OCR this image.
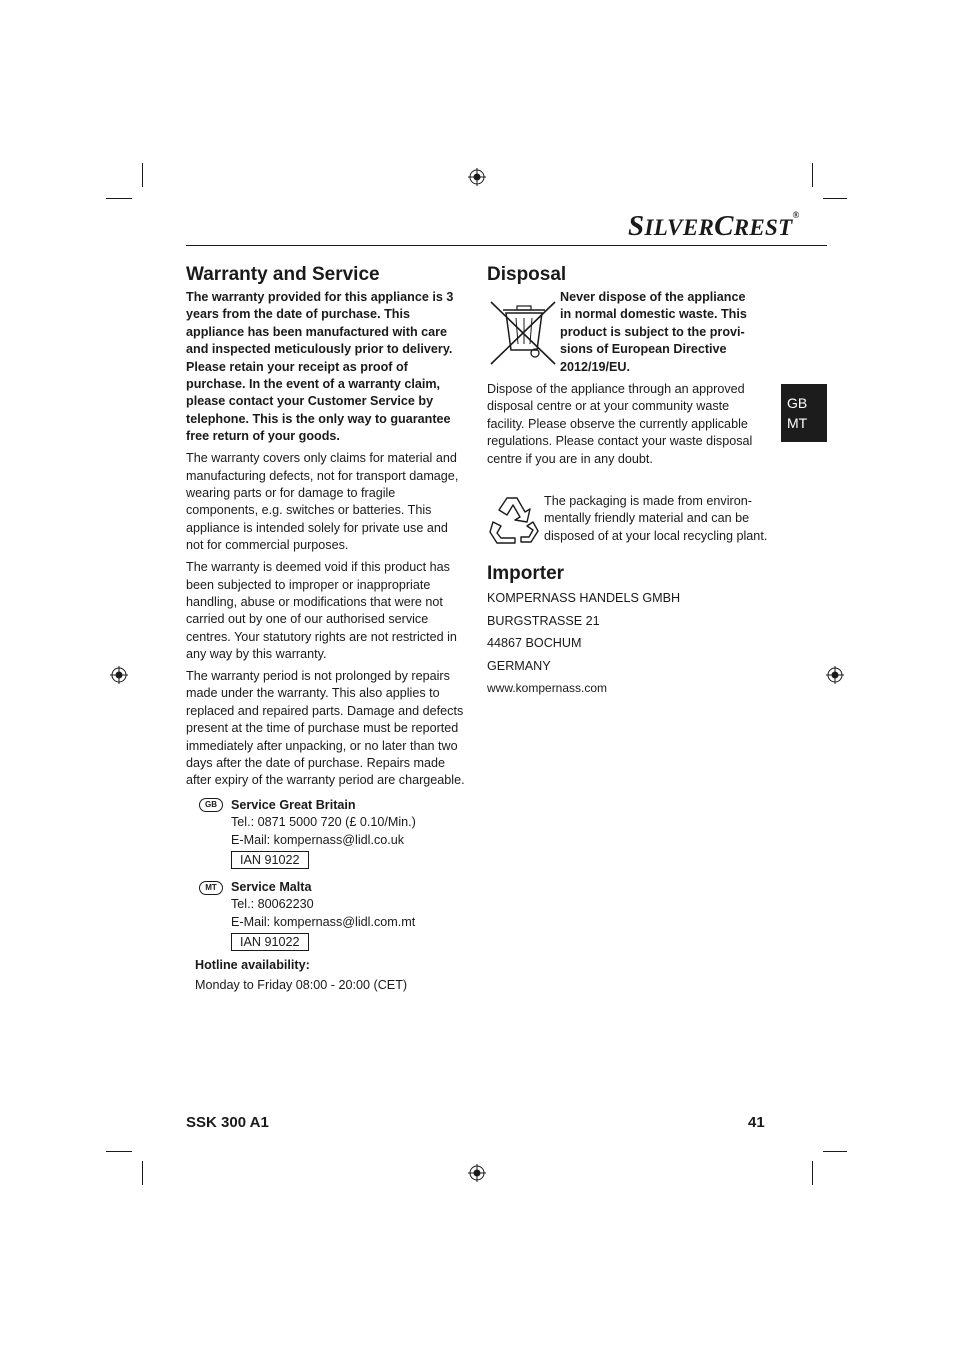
SILVERCREST®
Warranty and Service

The warranty provided for this appliance is 3 years from the date of purchase. This appliance has been manufactured with care and inspected meticulously prior to delivery. Please retain your receipt as proof of purchase. In the event of a warranty claim, please contact your Customer Service by telephone. This is the only way to guarantee free return of your goods.

The warranty covers only claims for material and manufacturing defects, not for transport damage, wearing parts or for damage to fragile components, e.g. switches or batteries. This appliance is intended solely for private use and not for commercial purposes.

The warranty is deemed void if this product has been subjected to improper or inappropriate handling, abuse or modifications that were not carried out by one of our authorised service centres. Your statutory rights are not restricted in any way by this warranty.

The warranty period is not prolonged by repairs made under the warranty. This also applies to replaced and repaired parts. Damage and defects present at the time of purchase must be reported immediately after unpacking, or no later than two days after the date of purchase. Repairs made after expiry of the warranty period are chargeable.

GB	Service Great Britain
Tel.: 0871 5000 720 (£ 0.10/Min.)
E-Mail: kompernass@lidl.co.uk
IAN 91022
MT	Service Malta
Tel.: 80062230
E-Mail: kompernass@lidl.com.mt
IAN 91022
Hotline availability:
Monday to Friday 08:00 - 20:00 (CET)
Disposal
Never dispose of the appliance
in normal domestic waste. This
product is subject to the provi-
sions of European Directive
2012/19/EU.
Dispose of the appliance through an approved disposal centre or at your community waste facility. Please observe the currently applicable regulations. Please contact your waste disposal centre if you are in any doubt.
The packaging is made from environ-
mentally friendly material and can be
disposed of at your local recycling plant.
Importer
KOMPERNASS HANDELS GMBH
BURGSTRASSE 21
44867 BOCHUM
GERMANY
www.kompernass.com
GB
MT
SSK 300 A1	41
